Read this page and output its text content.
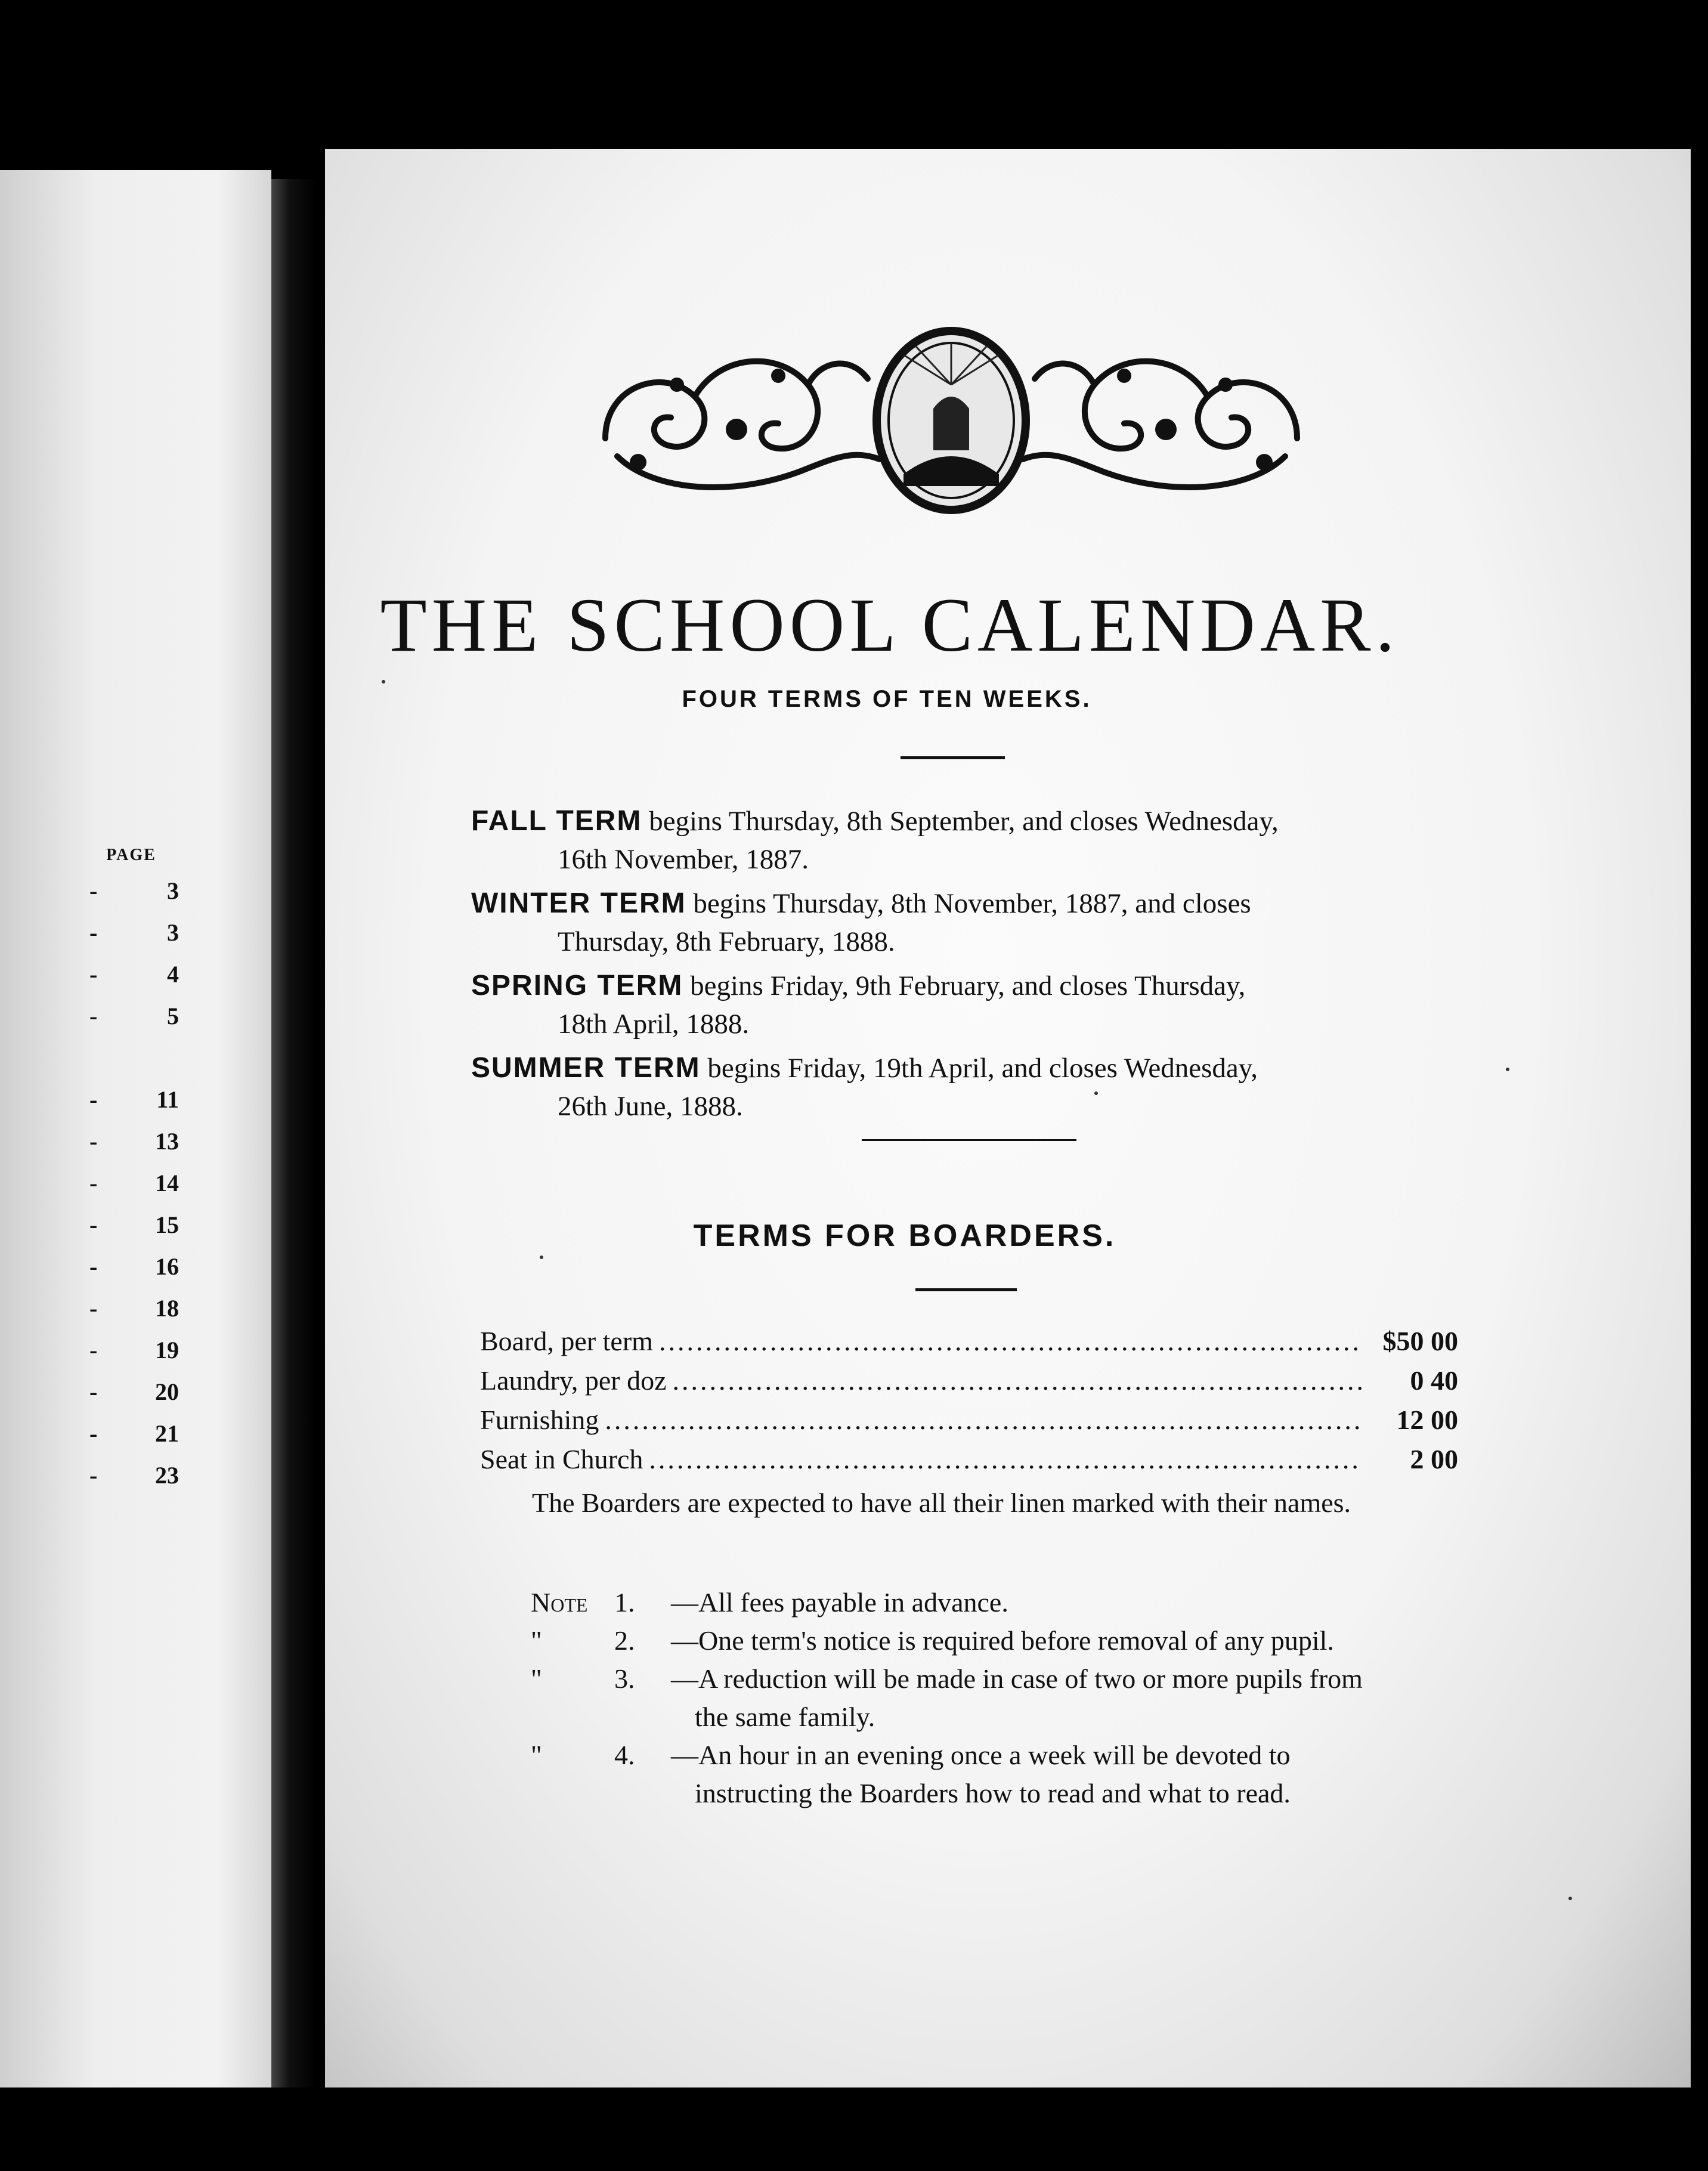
PAGE
-	3
-	3
-	4
-	5
- 11
- 13
- 14
- 15
- 16
- 18
- 19
- 20
- 21
- 23
THE SCHOOL CALENDAR.
FOUR TERMS OF TEN WEEKS.
FALL TERM begins Thursday, 8th September, and closes Wednesday,
16th November, 1887.
WINTER TERM begins Thursday, 8th November, 1887, and closes
Thursday, 8th February, 1888.
SPRING TERM begins Friday, 9th February, and closes Thursday,
18th April, 1888.
SUMMER TERM begins Friday, 19th April, and closes Wednesday,
26th June, 1888.
TERMS FOR BOARDERS.
Board, per term .....	$50 00
Laundry, per doz .....	0 40
Furnishing .....	12 00
Seat in Church .....	2 00
The Boarders are expected to have all their linen marked with their names.
Note 1. —All fees payable in advance.
"	2. —One term's notice is required before removal of any pupil.
"	3. —A reduction will be made in case of two or more pupils from
the same family.
"	4. —An hour in an evening once a week will be devoted to
instructing the Boarders how to read and what to read.
